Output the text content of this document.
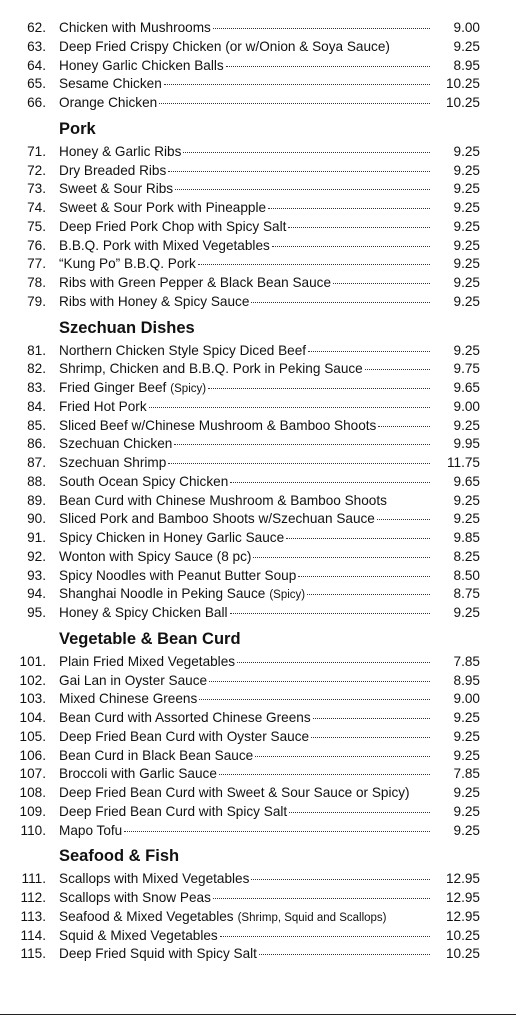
62. Chicken with Mushrooms	9.00
63. Deep Fried Crispy Chicken (or w/Onion & Soya Sauce)	9.25
64. Honey Garlic Chicken Balls	8.95
65. Sesame Chicken	10.25
66. Orange Chicken	10.25
Pork
71. Honey & Garlic Ribs	9.25
72. Dry Breaded Ribs	9.25
73. Sweet & Sour Ribs	9.25
74. Sweet & Sour Pork with Pineapple	9.25
75. Deep Fried Pork Chop with Spicy Salt	9.25
76. B.B.Q. Pork with Mixed Vegetables	9.25
77. “Kung Po” B.B.Q. Pork	9.25
78. Ribs with Green Pepper & Black Bean Sauce	9.25
79. Ribs with Honey & Spicy Sauce	9.25
Szechuan Dishes
81. Northern Chicken Style Spicy Diced Beef	9.25
82. Shrimp, Chicken and B.B.Q. Pork in Peking Sauce	9.75
83. Fried Ginger Beef (Spicy)	9.65
84. Fried Hot Pork	9.00
85. Sliced Beef w/Chinese Mushroom & Bamboo Shoots	9.25
86. Szechuan Chicken	9.95
87. Szechuan Shrimp	11.75
88. South Ocean Spicy Chicken	9.65
89. Bean Curd with Chinese Mushroom & Bamboo Shoots	9.25
90. Sliced Pork and Bamboo Shoots w/Szechuan Sauce	9.25
91. Spicy Chicken in Honey Garlic Sauce	9.85
92. Wonton with Spicy Sauce (8 pc)	8.25
93. Spicy Noodles with Peanut Butter Soup	8.50
94. Shanghai Noodle in Peking Sauce (Spicy)	8.75
95. Honey & Spicy Chicken Ball	9.25
Vegetable & Bean Curd
101. Plain Fried Mixed Vegetables	7.85
102. Gai Lan in Oyster Sauce	8.95
103. Mixed Chinese Greens	9.00
104. Bean Curd with Assorted Chinese Greens	9.25
105. Deep Fried Bean Curd with Oyster Sauce	9.25
106. Bean Curd in Black Bean Sauce	9.25
107. Broccoli with Garlic Sauce	7.85
108. Deep Fried Bean Curd with Sweet & Sour Sauce or Spicy)	9.25
109. Deep Fried Bean Curd with Spicy Salt	9.25
110. Mapo Tofu	9.25
Seafood & Fish
111. Scallops with Mixed Vegetables	12.95
112. Scallops with Snow Peas	12.95
113. Seafood & Mixed Vegetables (Shrimp, Squid and Scallops)	12.95
114. Squid & Mixed Vegetables	10.25
115. Deep Fried Squid with Spicy Salt	10.25
